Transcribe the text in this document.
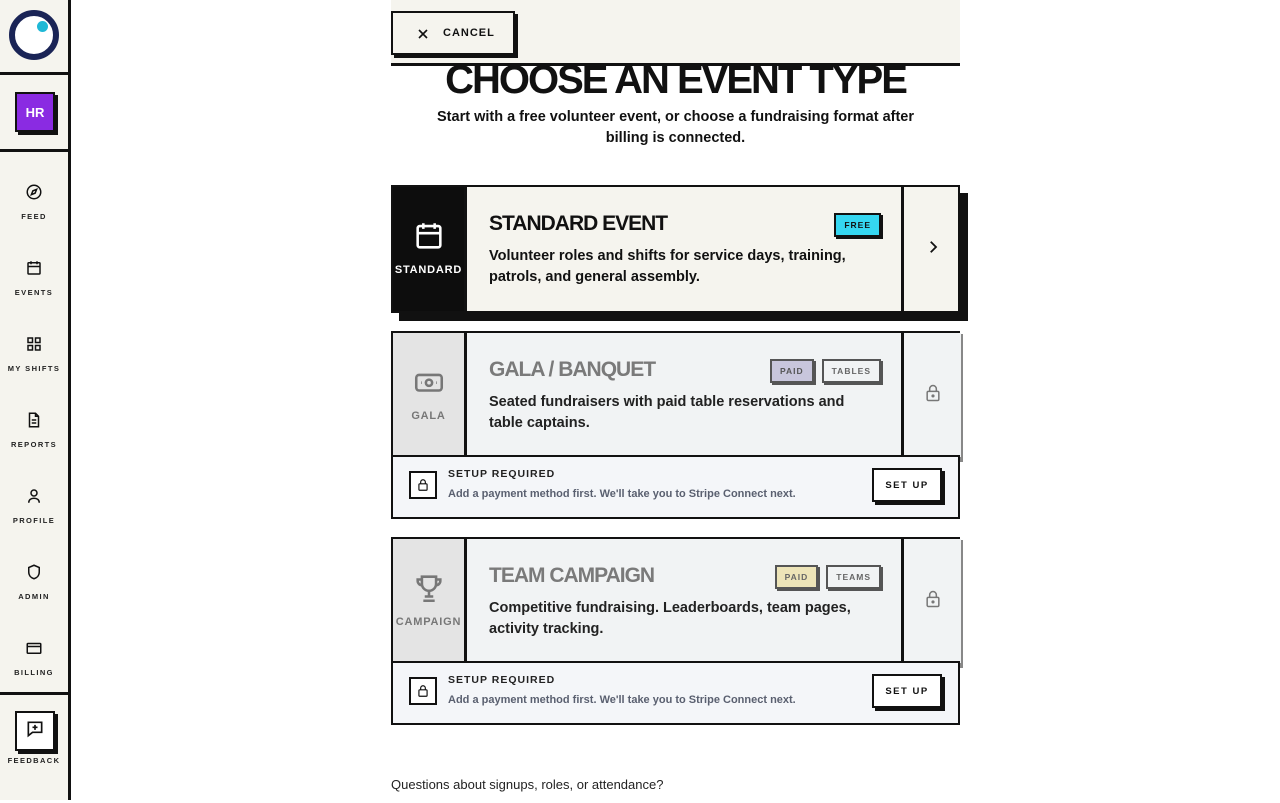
HR
FEED
EVENTS
MY SHIFTS
REPORTS
PROFILE
ADMIN
BILLING
FEEDBACK
CANCEL
CHOOSE AN EVENT TYPE
Start with a free volunteer event, or choose a fundraising format after billing is connected.
STANDARD
STANDARD EVENT	FREE
Volunteer roles and shifts for service days, training, patrols, and general assembly.
GALA
GALA / BANQUET	PAID	TABLES
Seated fundraisers with paid table reservations and table captains.
SETUP REQUIRED
Add a payment method first. We'll take you to Stripe Connect next.
SET UP
CAMPAIGN
TEAM CAMPAIGN	PAID	TEAMS
Competitive fundraising. Leaderboards, team pages, activity tracking.
SETUP REQUIRED
Add a payment method first. We'll take you to Stripe Connect next.
SET UP
Questions about signups, roles, or attendance?
